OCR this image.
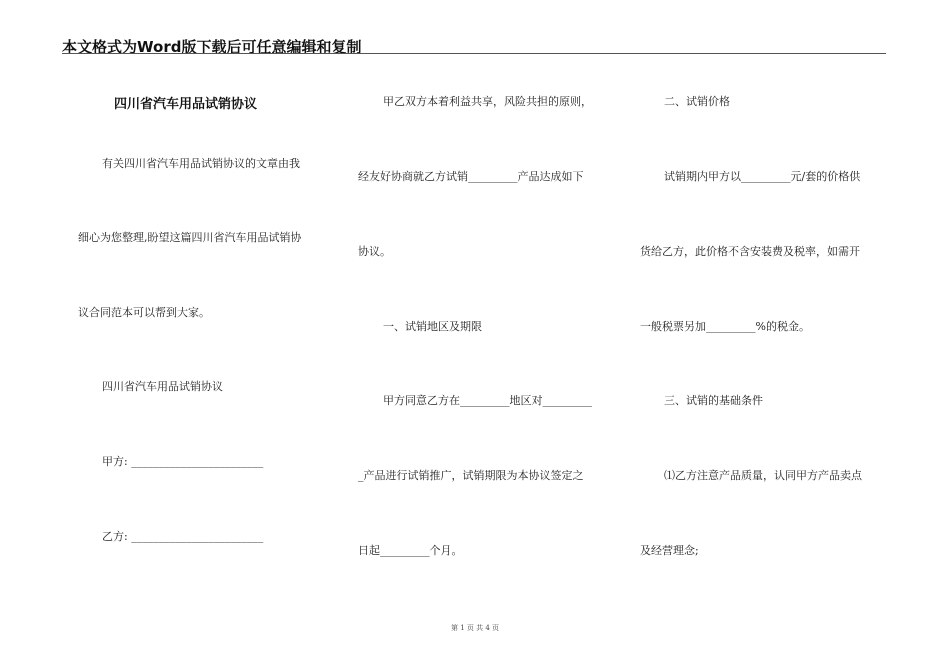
本文格式为Word版下载后可任意编辑和复制
四川省汽车用品试销协议
有关四川省汽车用品试销协议的文章由我
细心为您整理,盼望这篇四川省汽车用品试销协
议合同范本可以帮到大家。
四川省汽车用品试销协议
甲方: ________________________
乙方: ________________________
甲乙双方本着利益共享，风险共担的原则，
经友好协商就乙方试销_________产品达成如下
协议。
一、试销地区及期限
甲方同意乙方在_________地区对_________
_产品进行试销推广，试销期限为本协议签定之
日起_________个月。
二、试销价格
试销期内甲方以_________元/套的价格供
货给乙方，此价格不含安装费及税率，如需开
一般税票另加_________%的税金。
三、试销的基础条件
⑴乙方注意产品质量，认同甲方产品卖点
及经营理念;
第 1 页 共 4 页
